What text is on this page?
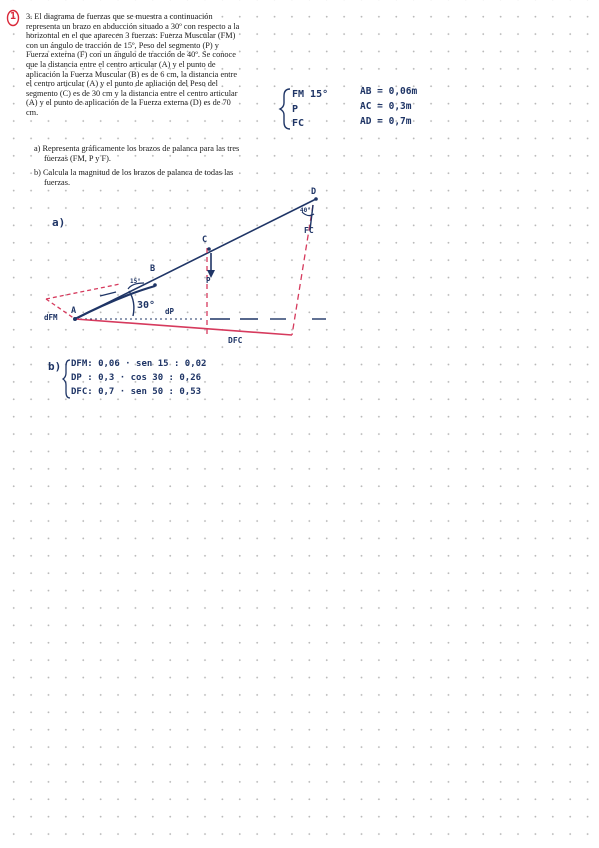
1 3. El diagrama de fuerzas que se muestra a continuación representa un brazo en abducción situado a 30º con respecto a la horizontal en el que aparecen 3 fuerzas: Fuerza Muscular (FM) con un ángulo de tracción de 15º, Peso del segmento (P) y Fuerza externa (F) con un ángulo de tracción de 40º. Se conoce que la distancia entre el centro articular (A) y el punto de aplicación la Fuerza Muscular (B) es de 6 cm, la distancia entre el centro articular (A) y el punto de apliación del Peso del segmento (C) es de 30 cm y la distancia entre el centro articular (A) y el punto de aplicación de la Fuerza externa (D) es de 70 cm.
a) Representa gráficamente los brazos de palanca para las tres fuerzas (FM, P y F).
b) Calcula la magnitud de los brazos de palanca de todas las fuerzas.
FM 15°
P
FC
AB = 0,06m
AC = 0,3m
AD = 0,7m
a)
A
B
C
D
P
FC
30°
15°
40°
dFM
dP
DFC
b) DFM: 0,06 · sen 15 : 0,02
DP : 0,3 · cos 30 : 0,26
DFC: 0,7 · sen 50 : 0,53
